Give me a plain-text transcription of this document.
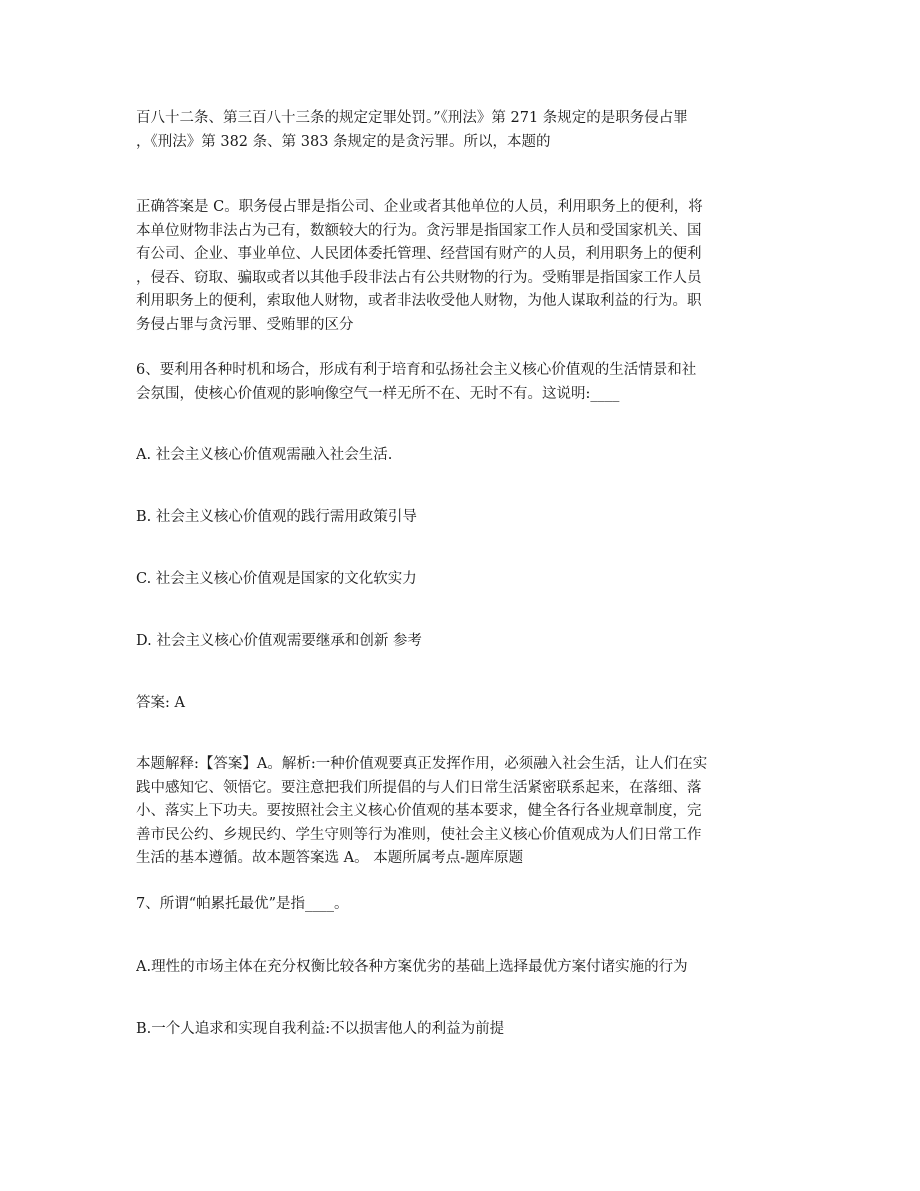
百八十二条、第三百八十三条的规定定罪处罚。”《刑法》第 271 条规定的是职务侵占罪
，《刑法》第 382 条、第 383 条规定的是贪污罪。所以，本题的
正确答案是 C。职务侵占罪是指公司、企业或者其他单位的人员，利用职务上的便利，将
本单位财物非法占为己有，数额较大的行为。贪污罪是指国家工作人员和受国家机关、国
有公司、企业、事业单位、人民团体委托管理、经营国有财产的人员，利用职务上的便利
，侵吞、窃取、骗取或者以其他手段非法占有公共财物的行为。受贿罪是指国家工作人员
利用职务上的便利，索取他人财物，或者非法收受他人财物，为他人谋取利益的行为。职
务侵占罪与贪污罪、受贿罪的区分
6、要利用各种时机和场合，形成有利于培育和弘扬社会主义核心价值观的生活情景和社
会氛围，使核心价值观的影响像空气一样无所不在、无时不有。这说明:____
A. 社会主义核心价值观需融入社会生活.
B. 社会主义核心价值观的践行需用政策引导
C. 社会主义核心价值观是国家的文化软实力
D. 社会主义核心价值观需要继承和创新 参考
答案: A
本题解释:【答案】A。解析:一种价值观要真正发挥作用，必须融入社会生活，让人们在实
践中感知它、领悟它。要注意把我们所提倡的与人们日常生活紧密联系起来，在落细、落
小、落实上下功夫。要按照社会主义核心价值观的基本要求，健全各行各业规章制度，完
善市民公约、乡规民约、学生守则等行为准则，使社会主义核心价值观成为人们日常工作
生活的基本遵循。故本题答案选 A。 本题所属考点-题库原题
7、所谓“帕累托最优”是指____。
A.理性的市场主体在充分权衡比较各种方案优劣的基础上选择最优方案付诸实施的行为
B.一个人追求和实现自我利益:不以损害他人的利益为前提
